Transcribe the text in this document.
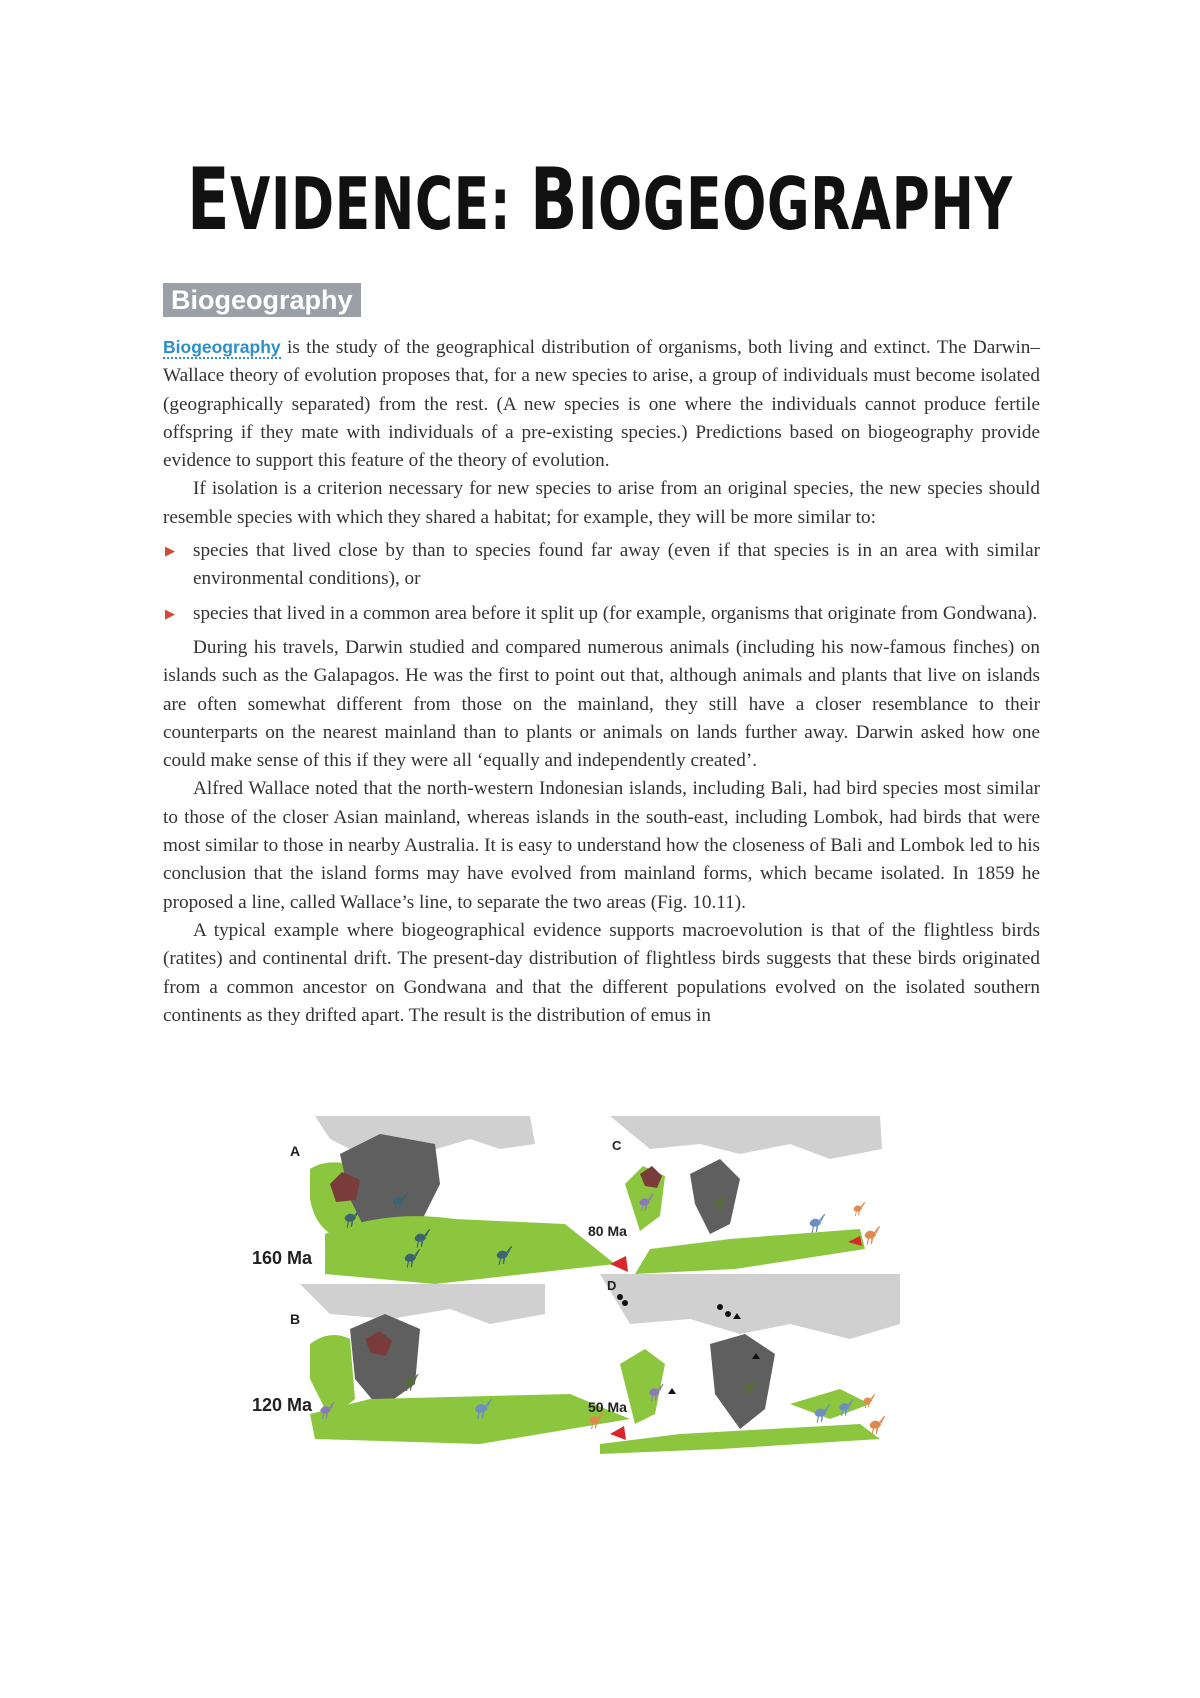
EVIDENCE: BIOGEOGRAPHY
Biogeography

Biogeography is the study of the geographical distribution of organisms, both living and extinct. The Darwin–Wallace theory of evolution proposes that, for a new species to arise, a group of individuals must become isolated (geographically separated) from the rest. (A new species is one where the individuals cannot produce fertile offspring if they mate with individuals of a pre-existing species.) Predictions based on biogeography provide evidence to support this feature of the theory of evolution.

If isolation is a criterion necessary for new species to arise from an original species, the new species should resemble species with which they shared a habitat; for example, they will be more similar to:

▶ species that lived close by than to species found far away (even if that species is in an area with similar environmental conditions), or
▶ species that lived in a common area before it split up (for example, organisms that originate from Gondwana).

During his travels, Darwin studied and compared numerous animals (including his now-famous finches) on islands such as the Galapagos. He was the first to point out that, although animals and plants that live on islands are often somewhat different from those on the mainland, they still have a closer resemblance to their counterparts on the nearest mainland than to plants or animals on lands further away. Darwin asked how one could make sense of this if they were all ‘equally and independently created’.

Alfred Wallace noted that the north-western Indonesian islands, including Bali, had bird species most similar to those of the closer Asian mainland, whereas islands in the south-east, including Lombok, had birds that were most similar to those in nearby Australia. It is easy to understand how the closeness of Bali and Lombok led to his conclusion that the island forms may have evolved from mainland forms, which became isolated. In 1859 he proposed a line, called Wallace’s line, to separate the two areas (Fig. 10.11).

A typical example where biogeographical evidence supports macroevolution is that of the flightless birds (ratites) and continental drift. The present-day distribution of flightless birds suggests that these birds originated from a common ancestor on Gondwana and that the different populations evolved on the isolated southern continents as they drifted apart. The result is the distribution of emus in

A
160 Ma
B
120 Ma
C
80 Ma
D
50 Ma
